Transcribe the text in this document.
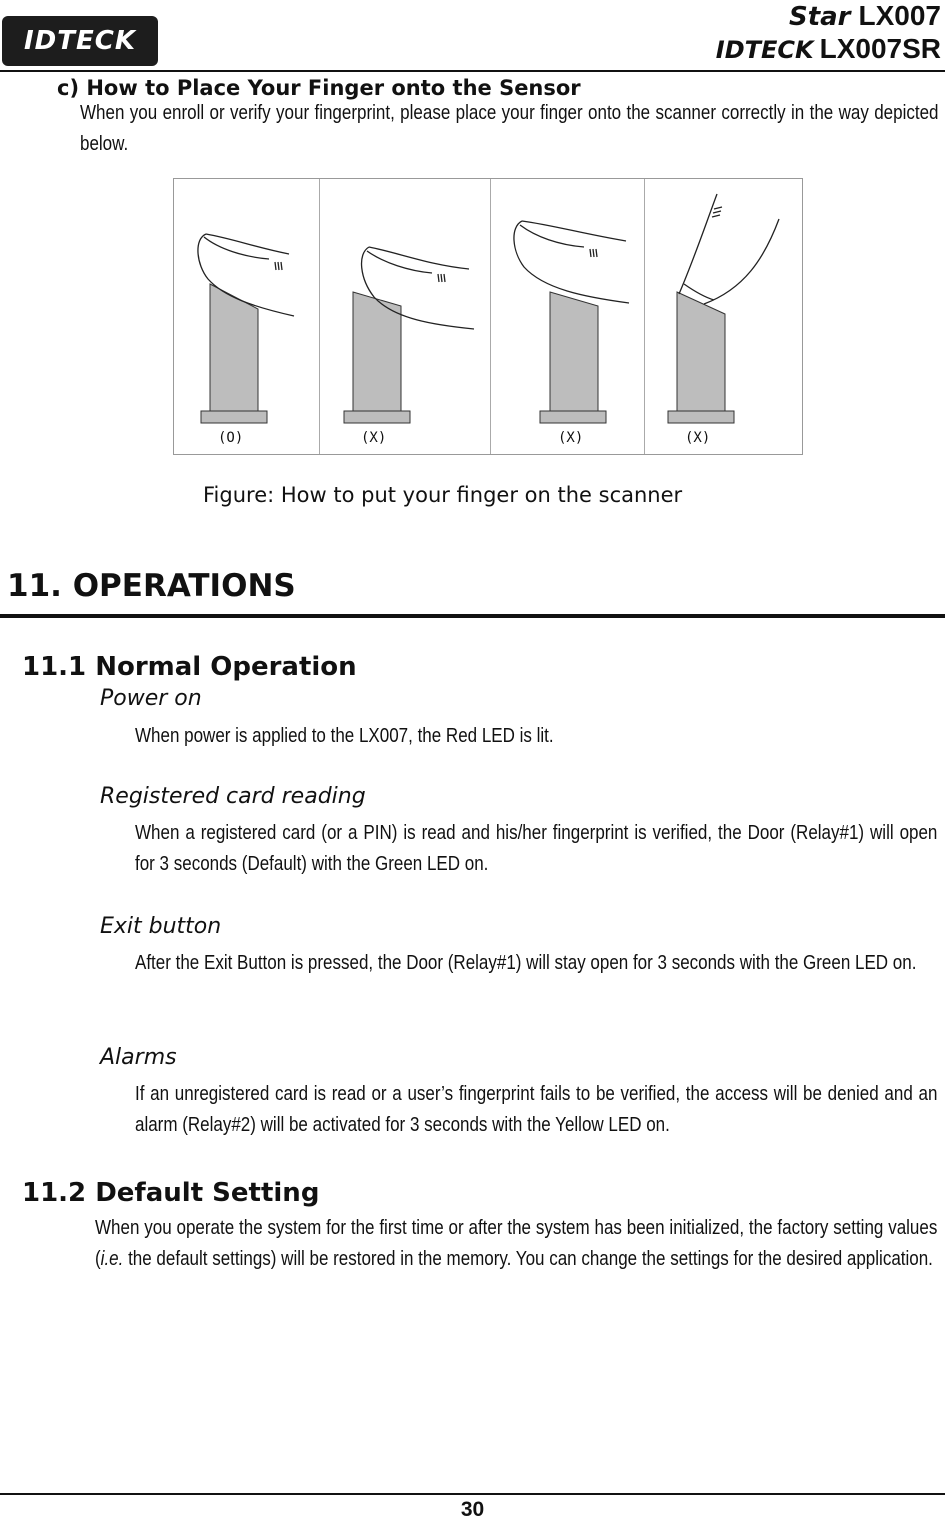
IDTECK
Star LX007
IDTECK LX007SR
c) How to Place Your Finger onto the Sensor
When you enroll or verify your fingerprint, please place your finger onto the scanner correctly in the way depicted below.
(O)	(X)	(X)	(X)
Figure: How to put your finger on the scanner
11. OPERATIONS
11.1 Normal Operation
Power on
When power is applied to the LX007, the Red LED is lit.
Registered card reading
When a registered card (or a PIN) is read and his/her fingerprint is verified, the Door (Relay#1) will open for 3 seconds (Default) with the Green LED on.
Exit button
After the Exit Button is pressed, the Door (Relay#1) will stay open for 3 seconds with the Green LED on.
Alarms
If an unregistered card is read or a user’s fingerprint fails to be verified, the access will be denied and an alarm (Relay#2) will be activated for 3 seconds with the Yellow LED on.
11.2 Default Setting
When you operate the system for the first time or after the system has been initialized, the factory setting values (i.e. the default settings) will be restored in the memory. You can change the settings for the desired application.
30
